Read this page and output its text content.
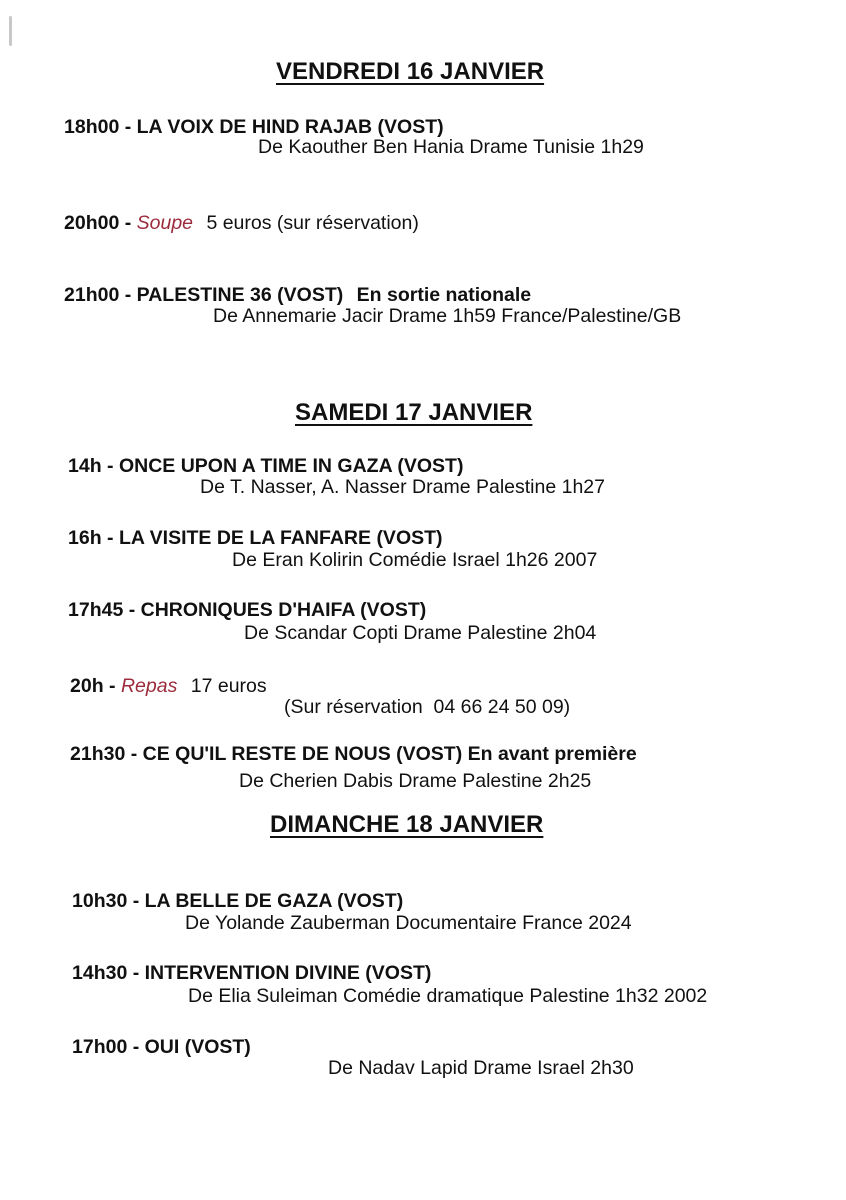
VENDREDI 16 JANVIER
18h00 - LA VOIX DE HIND RAJAB (VOST)
De Kaouther Ben Hania Drame Tunisie 1h29
20h00 - Soupe 5 euros (sur réservation)
21h00 - PALESTINE 36 (VOST) En sortie nationale
De Annemarie Jacir Drame 1h59 France/Palestine/GB
SAMEDI 17 JANVIER
14h - ONCE UPON A TIME IN GAZA (VOST)
De T. Nasser, A. Nasser Drame Palestine 1h27
16h - LA VISITE DE LA FANFARE (VOST)
De Eran Kolirin Comédie Israel 1h26 2007
17h45 - CHRONIQUES D'HAIFA (VOST)
De Scandar Copti Drame Palestine 2h04
20h - Repas 17 euros
(Sur réservation  04 66 24 50 09)
21h30 - CE QU'IL RESTE DE NOUS (VOST) En avant première
De Cherien Dabis Drame Palestine 2h25
DIMANCHE 18 JANVIER
10h30 - LA BELLE DE GAZA (VOST)
De Yolande Zauberman Documentaire France 2024
14h30 - INTERVENTION DIVINE (VOST)
De Elia Suleiman Comédie dramatique Palestine 1h32 2002
17h00 - OUI (VOST)
De Nadav Lapid Drame Israel 2h30
